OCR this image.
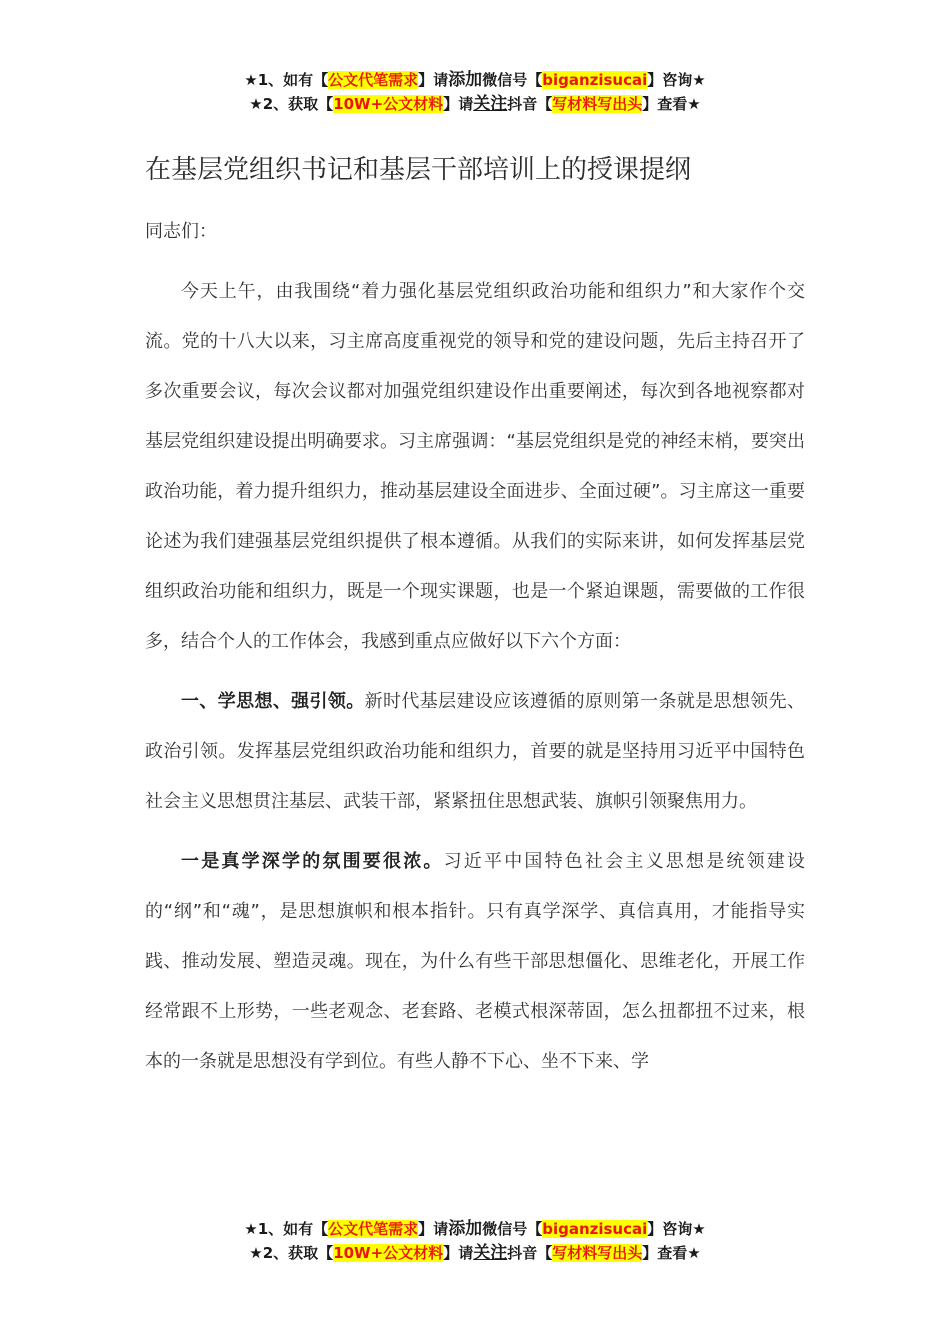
★1、如有【公文代笔需求】请添加微信号【biganzisucai】咨询★
★2、获取【10W+公文材料】请关注抖音【写材料写出头】查看★
在基层党组织书记和基层干部培训上的授课提纲

同志们：

今天上午，由我围绕“着力强化基层党组织政治功能和组织力”和大家作个交流。党的十八大以来，习主席高度重视党的领导和党的建设问题，先后主持召开了多次重要会议，每次会议都对加强党组织建设作出重要阐述，每次到各地视察都对基层党组织建设提出明确要求。习主席强调：“基层党组织是党的神经末梢，要突出政治功能，着力提升组织力，推动基层建设全面进步、全面过硬”。习主席这一重要论述为我们建强基层党组织提供了根本遵循。从我们的实际来讲，如何发挥基层党组织政治功能和组织力，既是一个现实课题，也是一个紧迫课题，需要做的工作很多，结合个人的工作体会，我感到重点应做好以下六个方面：

一、学思想、强引领。新时代基层建设应该遵循的原则第一条就是思想领先、政治引领。发挥基层党组织政治功能和组织力，首要的就是坚持用习近平中国特色社会主义思想贯注基层、武装干部，紧紧扭住思想武装、旗帜引领聚焦用力。

一是真学深学的氛围要很浓。习近平中国特色社会主义思想是统领建设的“纲”和“魂”，是思想旗帜和根本指针。只有真学深学、真信真用，才能指导实践、推动发展、塑造灵魂。现在，为什么有些干部思想僵化、思维老化，开展工作经常跟不上形势，一些老观念、老套路、老模式根深蒂固，怎么扭都扭不过来，根本的一条就是思想没有学到位。有些人静不下心、坐不下来、学

★1、如有【公文代笔需求】请添加微信号【biganzisucai】咨询★
★2、获取【10W+公文材料】请关注抖音【写材料写出头】查看★
